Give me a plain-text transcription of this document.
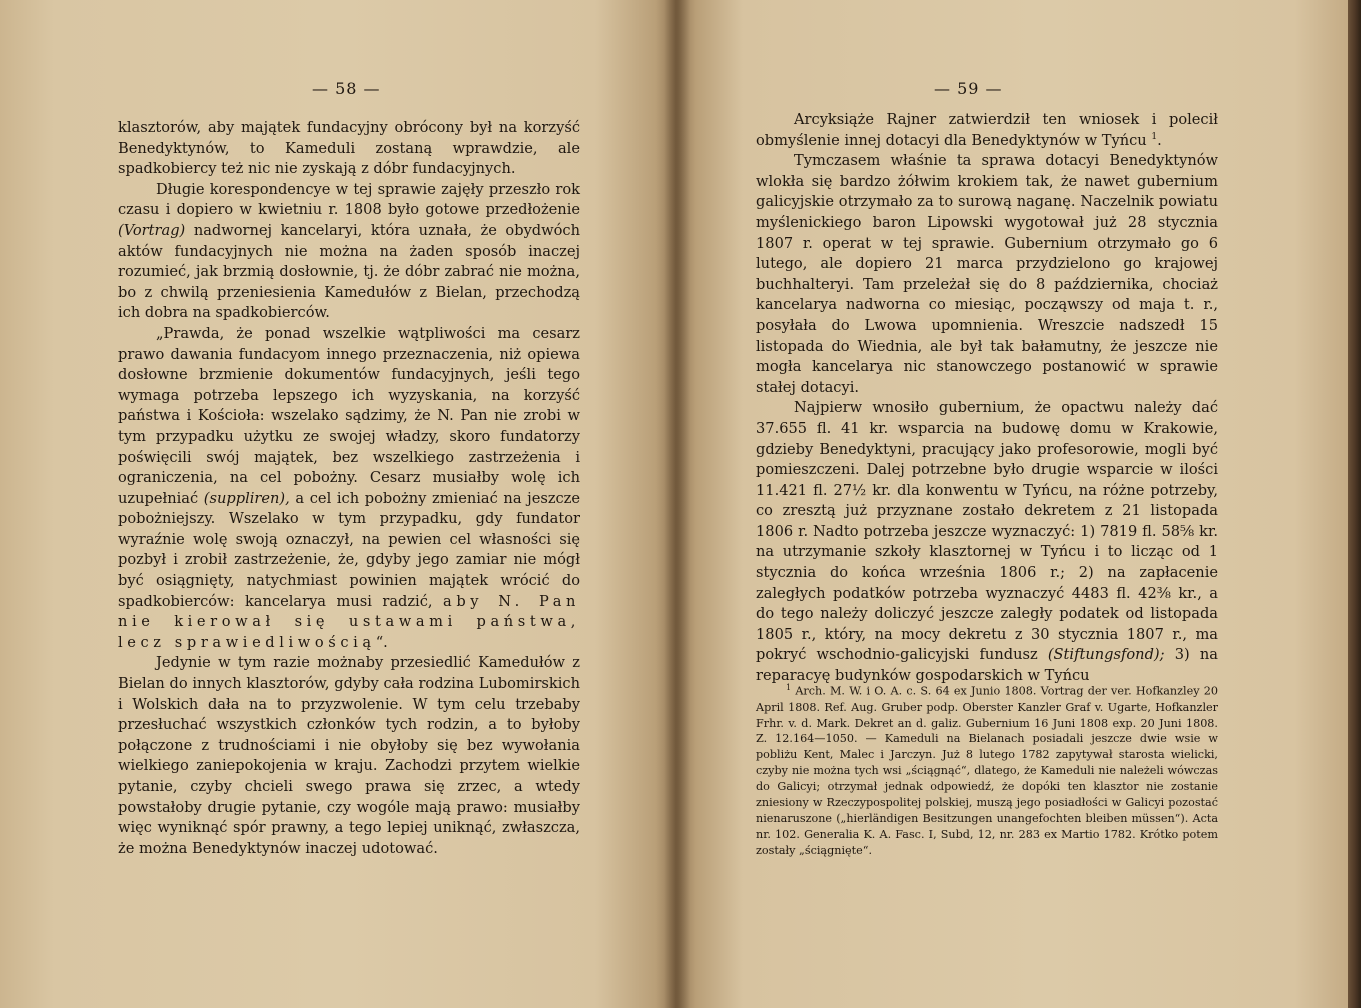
— 58 —

klasztorów, aby majątek fundacyjny obrócony był na korzyść Benedyktynów, to Kameduli zostaną wprawdzie, ale spadkobiercy też nic nie zyskają z dóbr fundacyjnych.

Długie korespondencye w tej sprawie zajęły przeszło rok czasu i dopiero w kwietniu r. 1808 było gotowe przedłożenie (Vortrag) nadwornej kancelaryi, która uznała, że obydwóch aktów fundacyjnych nie można na żaden sposób inaczej rozumieć, jak brzmią dosłownie, tj. że dóbr zabrać nie można, bo z chwilą przeniesienia Kamedułów z Bielan, przechodzą ich dobra na spadkobierców.

„Prawda, że ponad wszelkie wątpliwości ma cesarz prawo dawania fundacyom innego przeznaczenia, niż opiewa dosłowne brzmienie dokumentów fundacyjnych, jeśli tego wymaga potrzeba lepszego ich wyzyskania, na korzyść państwa i Kościoła: wszelako sądzimy, że N. Pan nie zrobi w tym przypadku użytku ze swojej władzy, skoro fundatorzy poświęcili swój majątek, bez wszelkiego zastrzeżenia i ograniczenia, na cel pobożny. Cesarz musiałby wolę ich uzupełniać (suppliren), a cel ich pobożny zmieniać na jeszcze pobożniejszy. Wszelako w tym przypadku, gdy fundator wyraźnie wolę swoją oznaczył, na pewien cel własności się pozbył i zrobił zastrzeżenie, że, gdyby jego zamiar nie mógł być osiągnięty, natychmiast powinien majątek wrócić do spadkobierców: kancelarya musi radzić, aby N. Pan nie kierował się ustawami państwa, lecz sprawiedliwością“.

Jedynie w tym razie możnaby przesiedlić Kamedułów z Bielan do innych klasztorów, gdyby cała rodzina Lubomirskich i Wolskich dała na to przyzwolenie. W tym celu trzebaby przesłuchać wszystkich członków tych rodzin, a to byłoby połączone z trudnościami i nie obyłoby się bez wywołania wielkiego zaniepokojenia w kraju. Zachodzi przytem wielkie pytanie, czyby chcieli swego prawa się zrzec, a wtedy powstałoby drugie pytanie, czy wogóle mają prawo: musiałby więc wyniknąć spór prawny, a tego lepiej uniknąć, zwłaszcza, że można Benedyktynów inaczej udotować.

— 59 —

Arcyksiąże Rajner zatwierdził ten wniosek i polecił obmyślenie innej dotacyi dla Benedyktynów w Tyńcu $^1$.

Tymczasem właśnie ta sprawa dotacyi Benedyktynów wlokła się bardzo żółwim krokiem tak, że nawet gubernium galicyjskie otrzymało za to surową naganę. Naczelnik powiatu myślenickiego baron Lipowski wygotował już 28 stycznia 1807 r. operat w tej sprawie. Gubernium otrzymało go 6 lutego, ale dopiero 21 marca przydzielono go krajowej buchhalteryi. Tam przeleżał się do 8 października, chociaż kancelarya nadworna co miesiąc, począwszy od maja t. r., posyłała do Lwowa upomnienia. Wreszcie nadszedł 15 listopada do Wiednia, ale był tak bałamutny, że jeszcze nie mogła kancelarya nic stanowczego postanowić w sprawie stałej dotacyi.

Najpierw wnosiło gubernium, że opactwu należy dać 37.655 fl. 41 kr. wsparcia na budowę domu w Krakowie, gdzieby Benedyktyni, pracujący jako profesorowie, mogli być pomieszczeni. Dalej potrzebne było drugie wsparcie w ilości 11.421 fl. 27½ kr. dla konwentu w Tyńcu, na różne potrzeby, co zresztą już przyznane zostało dekretem z 21 listopada 1806 r. Nadto potrzeba jeszcze wyznaczyć: 1) 7819 fl. 58⅝ kr. na utrzymanie szkoły klasztornej w Tyńcu i to licząc od 1 stycznia do końca września 1806 r.; 2) na zapłacenie zaległych podatków potrzeba wyznaczyć 4483 fl. 42⅜ kr., a do tego należy doliczyć jeszcze zaległy podatek od listopada 1805 r., który, na mocy dekretu z 30 stycznia 1807 r., ma pokryć wschodnio-galicyjski fundusz (Stiftungsfond); 3) na reparacyę budynków gospodarskich w Tyńcu

$^1$ Arch. M. W. i O. A. c. S. 64 ex Junio 1808. Vortrag der ver. Hofkanzley 20 April 1808. Ref. Aug. Gruber podp. Oberster Kanzler Graf v. Ugarte, Hofkanzler Frhr. v. d. Mark. Dekret an d. galiz. Gubernium 16 Juni 1808 exp. 20 Juni 1808. Z. 12.164—1050. — Kameduli na Bielanach posiadali jeszcze dwie wsie w pobliżu Kent, Malec i Jarczyn. Już 8 lutego 1782 zapytywał starosta wielicki, czyby nie można tych wsi „ściągnąć“, dlatego, że Kameduli nie należeli wówczas do Galicyi; otrzymał jednak odpowiedź, że dopóki ten klasztor nie zostanie zniesiony w Rzeczypospolitej polskiej, muszą jego posiadłości w Galicyi pozostać nienaruszone („hierländigen Besitzungen unangefochten bleiben müssen“). Acta nr. 102. Generalia K. A. Fasc. I, Subd, 12, nr. 283 ex Martio 1782. Krótko potem zostały „ściągnięte“.
